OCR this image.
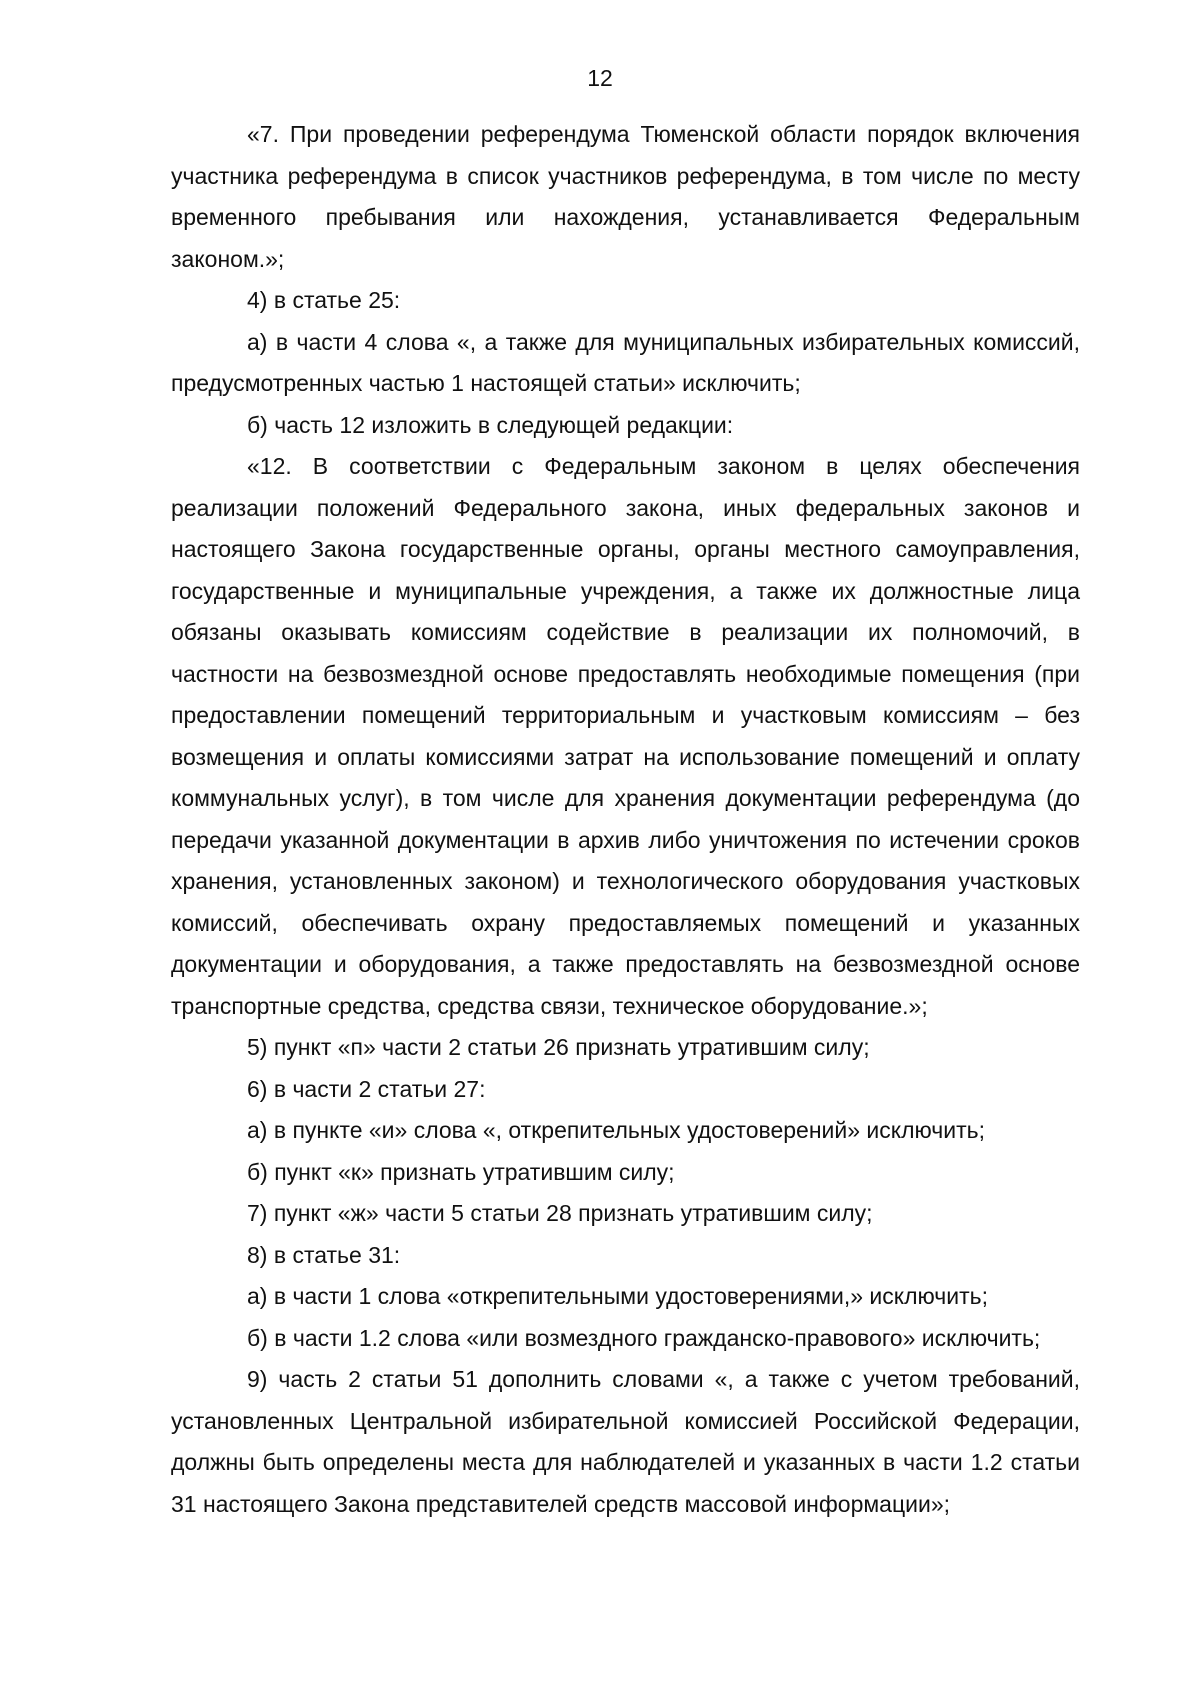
12

«7. При проведении референдума Тюменской области порядок включения участника референдума в список участников референдума, в том числе по месту временного пребывания или нахождения, устанавливается Федеральным законом.»;

4) в статье 25:

а) в части 4 слова «, а также для муниципальных избирательных комиссий, предусмотренных частью 1 настоящей статьи» исключить;

б) часть 12 изложить в следующей редакции:

«12. В соответствии с Федеральным законом в целях обеспечения реализации положений Федерального закона, иных федеральных законов и настоящего Закона государственные органы, органы местного самоуправления, государственные и муниципальные учреждения, а также их должностные лица обязаны оказывать комиссиям содействие в реализации их полномочий, в частности на безвозмездной основе предоставлять необходимые помещения (при предоставлении помещений территориальным и участковым комиссиям – без возмещения и оплаты комиссиями затрат на использование помещений и оплату коммунальных услуг), в том числе для хранения документации референдума (до передачи указанной документации в архив либо уничтожения по истечении сроков хранения, установленных законом) и технологического оборудования участковых комиссий, обеспечивать охрану предоставляемых помещений и указанных документации и оборудования, а также предоставлять на безвозмездной основе транспортные средства, средства связи, техническое оборудование.»;

5) пункт «п» части 2 статьи 26 признать утратившим силу;

6) в части 2 статьи 27:

а) в пункте «и» слова «, открепительных удостоверений» исключить;

б) пункт «к» признать утратившим силу;

7) пункт «ж» части 5 статьи 28 признать утратившим силу;

8) в статье 31:

а) в части 1 слова «открепительными удостоверениями,» исключить;

б) в части 1.2 слова «или возмездного гражданско-правового» исключить;

9) часть 2 статьи 51 дополнить словами «, а также с учетом требований, установленных Центральной избирательной комиссией Российской Федерации, должны быть определены места для наблюдателей и указанных в части 1.2 статьи 31 настоящего Закона представителей средств массовой информации»;
